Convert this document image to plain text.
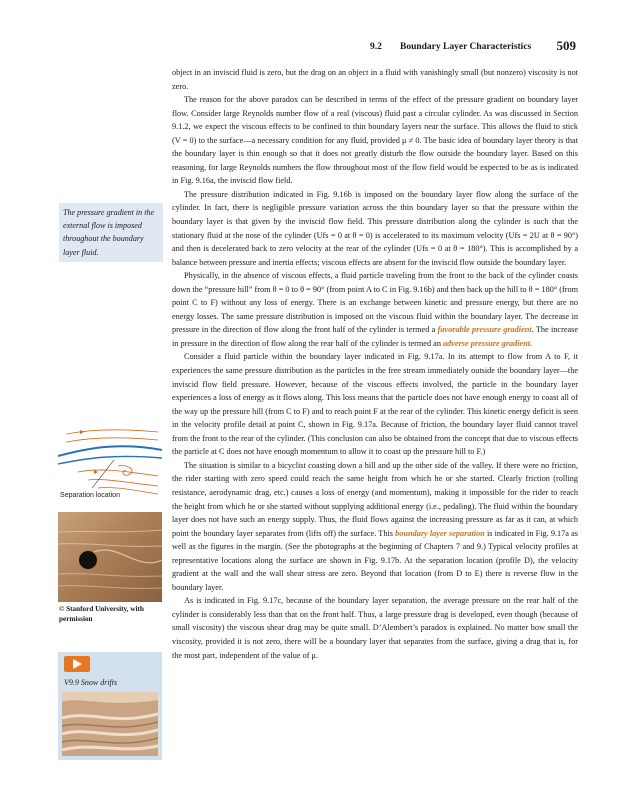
9.2 Boundary Layer Characteristics 509

object in an inviscid fluid is zero, but the drag on an object in a fluid with vanishingly small (but nonzero) viscosity is not zero.

The reason for the above paradox can be described in terms of the effect of the pressure gradient on boundary layer flow. Consider large Reynolds number flow of a real (viscous) fluid past a circular cylinder. As was discussed in Section 9.1.2, we expect the viscous effects to be confined to thin boundary layers near the surface. This allows the fluid to stick (V = 0) to the surface—a necessary condition for any fluid, provided μ ≠ 0. The basic idea of boundary layer theory is that the boundary layer is thin enough so that it does not greatly disturb the flow outside the boundary layer. Based on this reasoning, for large Reynolds numbers the flow throughout most of the flow field would be expected to be as is indicated in Fig. 9.16a, the inviscid flow field.

The pressure distribution indicated in Fig. 9.16b is imposed on the boundary layer flow along the surface of the cylinder. In fact, there is negligible pressure variation across the thin boundary layer so that the pressure within the boundary layer is that given by the inviscid flow field. This pressure distribution along the cylinder is such that the stationary fluid at the nose of the cylinder (Ufs = 0 at θ = 0) is accelerated to its maximum velocity (Ufs = 2U at θ = 90°) and then is decelerated back to zero velocity at the rear of the cylinder (Ufs = 0 at θ = 180°). This is accomplished by a balance between pressure and inertia effects; viscous effects are absent for the inviscid flow outside the boundary layer.

Physically, in the absence of viscous effects, a fluid particle traveling from the front to the back of the cylinder coasts down the “pressure hill” from θ = 0 to θ = 90° (from point A to C in Fig. 9.16b) and then back up the hill to θ = 180° (from point C to F) without any loss of energy. There is an exchange between kinetic and pressure energy, but there are no energy losses. The same pressure distribution is imposed on the viscous fluid within the boundary layer. The decrease in pressure in the direction of flow along the front half of the cylinder is termed a favorable pressure gradient. The increase in pressure in the direction of flow along the rear half of the cylinder is termed an adverse pressure gradient.

Consider a fluid particle within the boundary layer indicated in Fig. 9.17a. In its attempt to flow from A to F, it experiences the same pressure distribution as the particles in the free stream immediately outside the boundary layer—the inviscid flow field pressure. However, because of the viscous effects involved, the particle in the boundary layer experiences a loss of energy as it flows along. This loss means that the particle does not have enough energy to coast all of the way up the pressure hill (from C to F) and to reach point F at the rear of the cylinder. This kinetic energy deficit is seen in the velocity profile detail at point C, shown in Fig. 9.17a. Because of friction, the boundary layer fluid cannot travel from the front to the rear of the cylinder. (This conclusion can also be obtained from the concept that due to viscous effects the particle at C does not have enough momentum to allow it to coast up the pressure hill to F.)

The situation is similar to a bicyclist coasting down a hill and up the other side of the valley. If there were no friction, the rider starting with zero speed could reach the same height from which he or she started. Clearly friction (rolling resistance, aerodynamic drag, etc.) causes a loss of energy (and momentum), making it impossible for the rider to reach the height from which he or she started without supplying additional energy (i.e., pedaling). The fluid within the boundary layer does not have such an energy supply. Thus, the fluid flows against the increasing pressure as far as it can, at which point the boundary layer separates from (lifts off) the surface. This boundary layer separation is indicated in Fig. 9.17a as well as the figures in the margin. (See the photographs at the beginning of Chapters 7 and 9.) Typical velocity profiles at representative locations along the surface are shown in Fig. 9.17b. At the separation location (profile D), the velocity gradient at the wall and the wall shear stress are zero. Beyond that location (from D to E) there is reverse flow in the boundary layer.

As is indicated in Fig. 9.17c, because of the boundary layer separation, the average pressure on the rear half of the cylinder is considerably less than that on the front half. Thus, a large pressure drag is developed, even though (because of small viscosity) the viscous shear drag may be quite small. D’Alembert’s paradox is explained. No matter how small the viscosity, provided it is not zero, there will be a boundary layer that separates from the surface, giving a drag that is, for the most part, independent of the value of μ.

The pressure gradient in the external flow is imposed throughout the boundary layer fluid.
Separation location
© Stanford University, with permission
V9.9 Snow drifts
